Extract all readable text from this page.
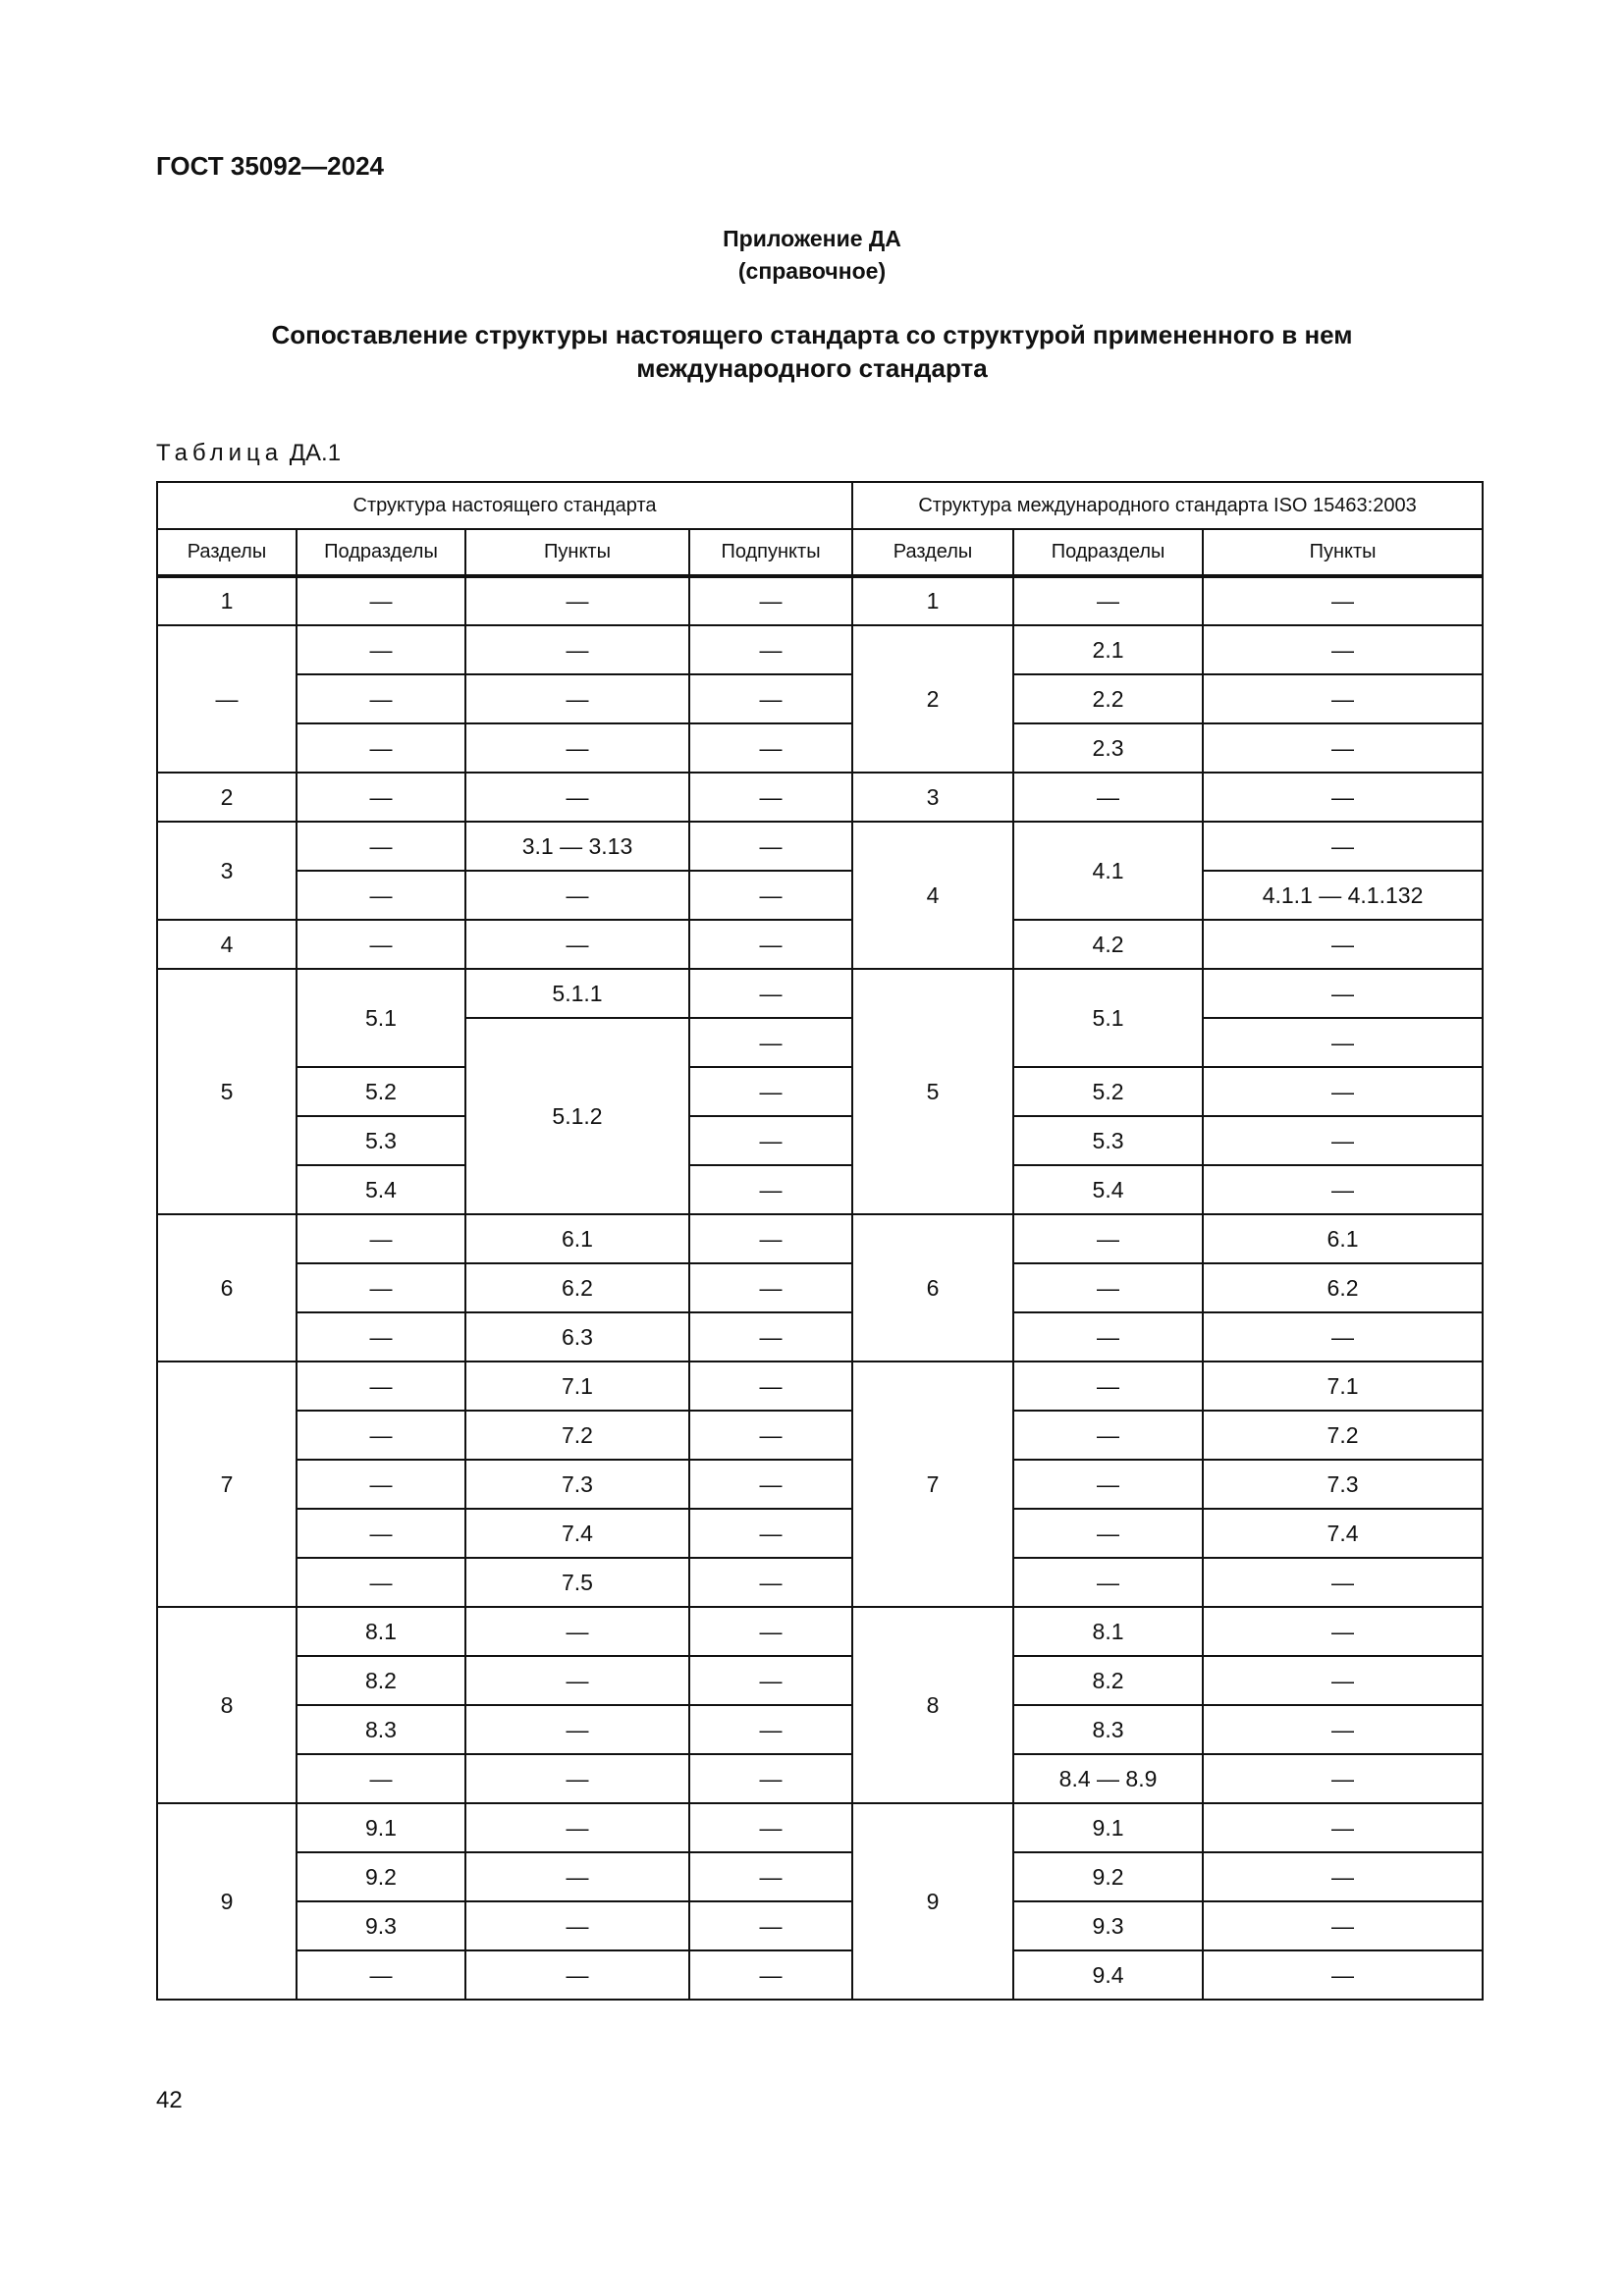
ГОСТ 35092—2024
Приложение ДА
(справочное)
Сопоставление структуры настоящего стандарта со структурой примененного в нем
международного стандарта
Таблица ДА.1
Структура настоящего стандарта				Структура международного стандарта ISO 15463:2003		
Разделы	Подразделы	Пункты	Подпункты	Разделы	Подразделы	Пункты
1	—	—	—	1	—	—
—	—	—	—	2	2.1	—
	—	—	—		2.2	—
	—	—	—		2.3	—
2	—	—	—	3	—	—
3	—	3.1 — 3.13	—	4	4.1	—
	—	—	—			4.1.1 — 4.1.132
4	—	—	—		4.2	—
5	5.1	5.1.1	—	5	5.1	—
		5.1.2	—			—
	5.2		—		5.2	—
	5.3		—		5.3	—
	5.4		—		5.4	—
6	—	6.1	—	6	—	6.1
	—	6.2	—		—	6.2
	—	6.3	—		—	—
7	—	7.1	—	7	—	7.1
	—	7.2	—		—	7.2
	—	7.3	—		—	7.3
	—	7.4	—		—	7.4
	—	7.5	—		—	—
8	8.1	—	—	8	8.1	—
	8.2	—	—		8.2	—
	8.3	—	—		8.3	—
	—	—	—		8.4 — 8.9	—
9	9.1	—	—	9	9.1	—
	9.2	—	—		9.2	—
	9.3	—	—		9.3	—
	—	—	—		9.4	—
42
